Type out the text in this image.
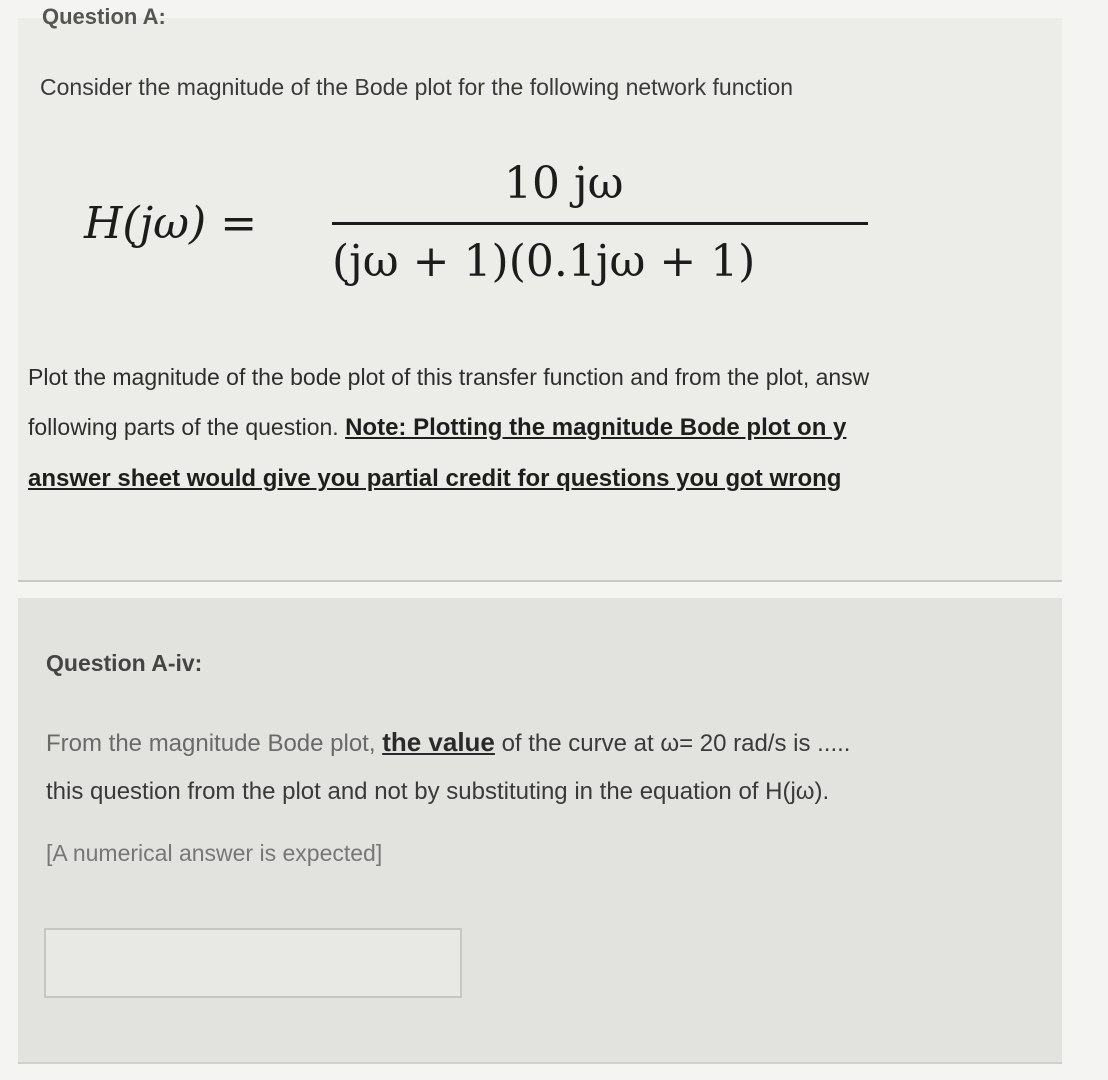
Question A:
Consider the magnitude of the Bode plot for the following network function
H(jω) =
10 jω
(jω + 1)(0.1jω + 1)
Plot the magnitude of the bode plot of this transfer function and from the plot, answ
following parts of the question. Note: Plotting the magnitude Bode plot on y
answer sheet would give you partial credit for questions you got wrong
Question A-iv:
From the magnitude Bode plot, the value of the curve at ω= 20 rad/s is .....
this question from the plot and not by substituting in the equation of H(jω).
[A numerical answer is expected]
